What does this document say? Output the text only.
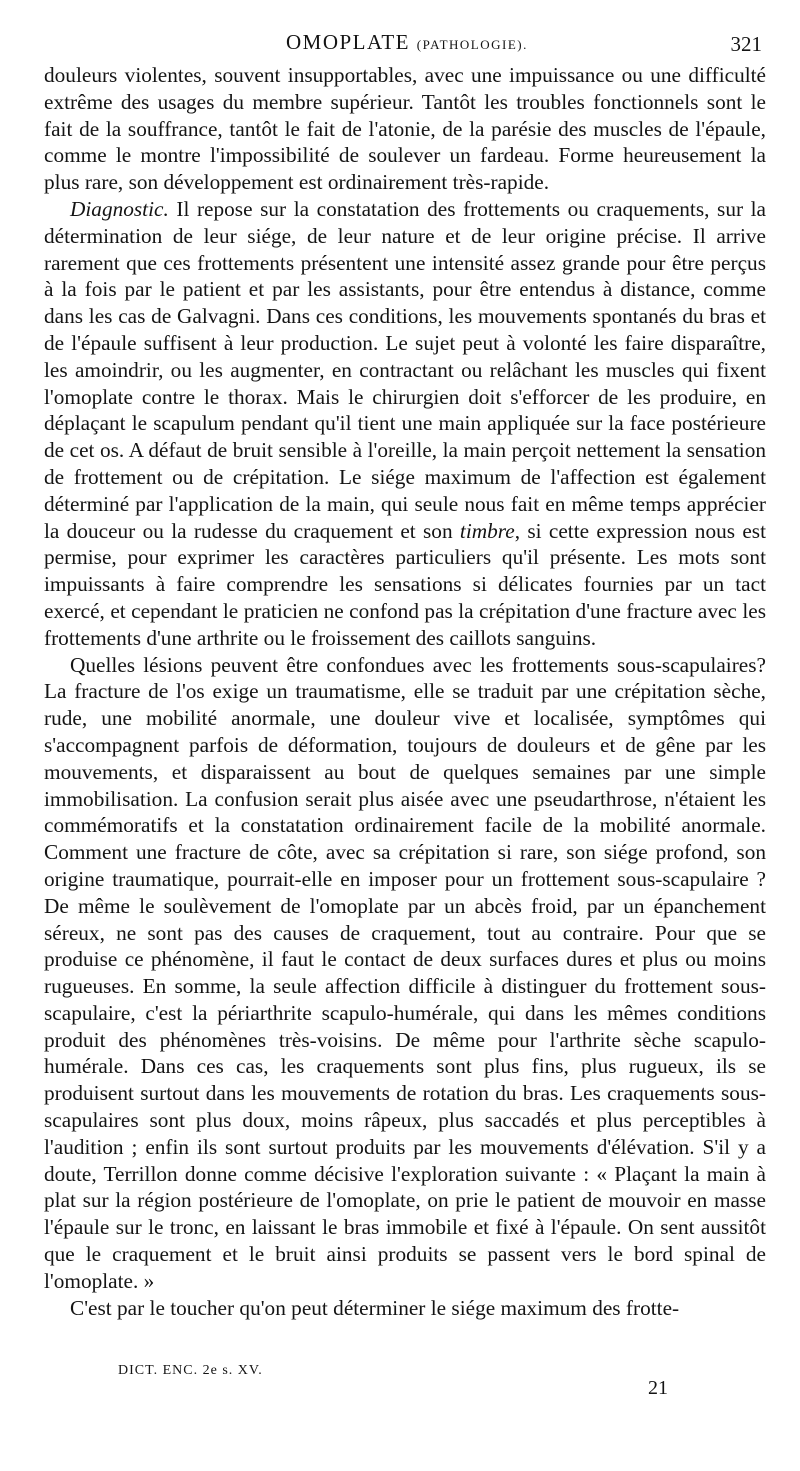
OMOPLATE (PATHOLOGIE).	321

douleurs violentes, souvent insupportables, avec une impuissance ou une difficulté extrême des usages du membre supérieur. Tantôt les troubles fonctionnels sont le fait de la souffrance, tantôt le fait de l'atonie, de la parésie des muscles de l'épaule, comme le montre l'impossibilité de soulever un fardeau. Forme heureusement la plus rare, son développement est ordinairement très-rapide.

Diagnostic. Il repose sur la constatation des frottements ou craquements, sur la détermination de leur siége, de leur nature et de leur origine précise. Il arrive rarement que ces frottements présentent une intensité assez grande pour être perçus à la fois par le patient et par les assistants, pour être entendus à distance, comme dans les cas de Galvagni. Dans ces conditions, les mouvements spontanés du bras et de l'épaule suffisent à leur production. Le sujet peut à volonté les faire disparaître, les amoindrir, ou les augmenter, en contractant ou relâchant les muscles qui fixent l'omoplate contre le thorax. Mais le chirurgien doit s'efforcer de les produire, en déplaçant le scapulum pendant qu'il tient une main appliquée sur la face postérieure de cet os. A défaut de bruit sensible à l'oreille, la main perçoit nettement la sensation de frottement ou de crépitation. Le siége maximum de l'affection est également déterminé par l'application de la main, qui seule nous fait en même temps apprécier la douceur ou la rudesse du craquement et son timbre, si cette expression nous est permise, pour exprimer les caractères particuliers qu'il présente. Les mots sont impuissants à faire comprendre les sensations si délicates fournies par un tact exercé, et cependant le praticien ne confond pas la crépitation d'une fracture avec les frottements d'une arthrite ou le froissement des caillots sanguins.

Quelles lésions peuvent être confondues avec les frottements sous-scapulaires? La fracture de l'os exige un traumatisme, elle se traduit par une crépitation sèche, rude, une mobilité anormale, une douleur vive et localisée, symptômes qui s'accompagnent parfois de déformation, toujours de douleurs et de gêne par les mouvements, et disparaissent au bout de quelques semaines par une simple immobilisation. La confusion serait plus aisée avec une pseudarthrose, n'étaient les commémoratifs et la constatation ordinairement facile de la mobilité anormale. Comment une fracture de côte, avec sa crépitation si rare, son siége profond, son origine traumatique, pourrait-elle en imposer pour un frottement sous-scapulaire ? De même le soulèvement de l'omoplate par un abcès froid, par un épanchement séreux, ne sont pas des causes de craquement, tout au contraire. Pour que se produise ce phénomène, il faut le contact de deux surfaces dures et plus ou moins rugueuses. En somme, la seule affection difficile à distinguer du frottement sous-scapulaire, c'est la périarthrite scapulo-humérale, qui dans les mêmes conditions produit des phénomènes très-voisins. De même pour l'arthrite sèche scapulo-humérale. Dans ces cas, les craquements sont plus fins, plus rugueux, ils se produisent surtout dans les mouvements de rotation du bras. Les craquements sous-scapulaires sont plus doux, moins râpeux, plus saccadés et plus perceptibles à l'audition ; enfin ils sont surtout produits par les mouvements d'élévation. S'il y a doute, Terrillon donne comme décisive l'exploration suivante : « Plaçant la main à plat sur la région postérieure de l'omoplate, on prie le patient de mouvoir en masse l'épaule sur le tronc, en laissant le bras immobile et fixé à l'épaule. On sent aussitôt que le craquement et le bruit ainsi produits se passent vers le bord spinal de l'omoplate. »

C'est par le toucher qu'on peut déterminer le siége maximum des frotte-

DICT. ENC. 2e s. XV.
21
